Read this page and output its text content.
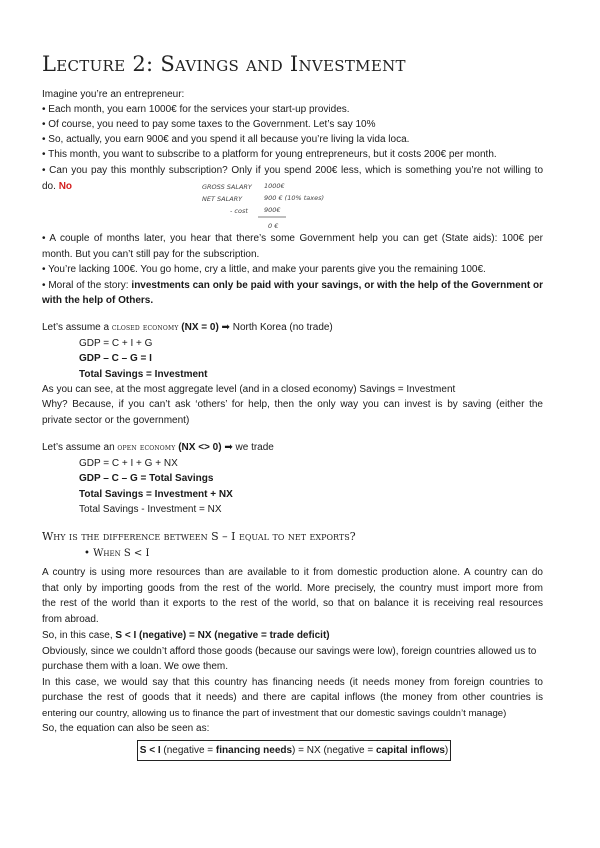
Lecture 2: Savings and Investment
Imagine you’re an entrepreneur:
• Each month, you earn 1000€ for the services your start-up provides.
• Of course, you need to pay some taxes to the Government. Let’s say 10%
• So, actually, you earn 900€ and you spend it all because you’re living la vida loca.
• This month, you want to subscribe to a platform for young entrepreneurs, but it costs 200€ per month.
• Can you pay this monthly subscription? Only if you spend 200€ less, which is something you’re not willing to
do. No	GROSS SALARY 1000€
NET SALARY	900 € (10% taxes)
- cost 900€
0 €
• A couple of months later, you hear that there’s some Government help you can get (State aids): 100€ per
month. But you can’t still pay for the subscription.
• You’re lacking 100€. You go home, cry a little, and make your parents give you the remaining 100€.
• Moral of the story: investments can only be paid with your savings, or with the help of the Government or
with the help of Others.
Let’s assume a closed economy (NX = 0) ➡ North Korea (no trade)
GDP = C + I + G
GDP – C – G = I
Total Savings = Investment
As you can see, at the most aggregate level (and in a closed economy) Savings = Investment
Why? Because, if you can’t ask ‘others’ for help, then the only way you can invest is by saving (either the
private sector or the government)
Let’s assume an open economy (NX <> 0) ➡ we trade
GDP = C + I + G + NX
GDP – C – G = Total Savings
Total Savings = Investment + NX
Total Savings - Investment = NX
Why is the difference between S – I equal to net exports?
• When S < I
A country is using more resources than are available to it from domestic production alone. A country can do
that only by importing goods from the rest of the world. More precisely, the country must import more from
the rest of the world than it exports to the rest of the world, so that on balance it is receiving real resources
from abroad.
So, in this case, S < I (negative) = NX (negative = trade deficit)
Obviously, since we couldn’t afford those goods (because our savings were low), foreign countries allowed us to
purchase them with a loan. We owe them.
In this case, we would say that this country has financing needs (it needs money from foreign countries to
purchase the rest of goods that it needs) and there are capital inflows (the money from other countries is
entering our country, allowing us to finance the part of investment that our domestic savings couldn’t manage)
So, the equation can also be seen as:
S < I (negative = financing needs) = NX (negative = capital inflows)
